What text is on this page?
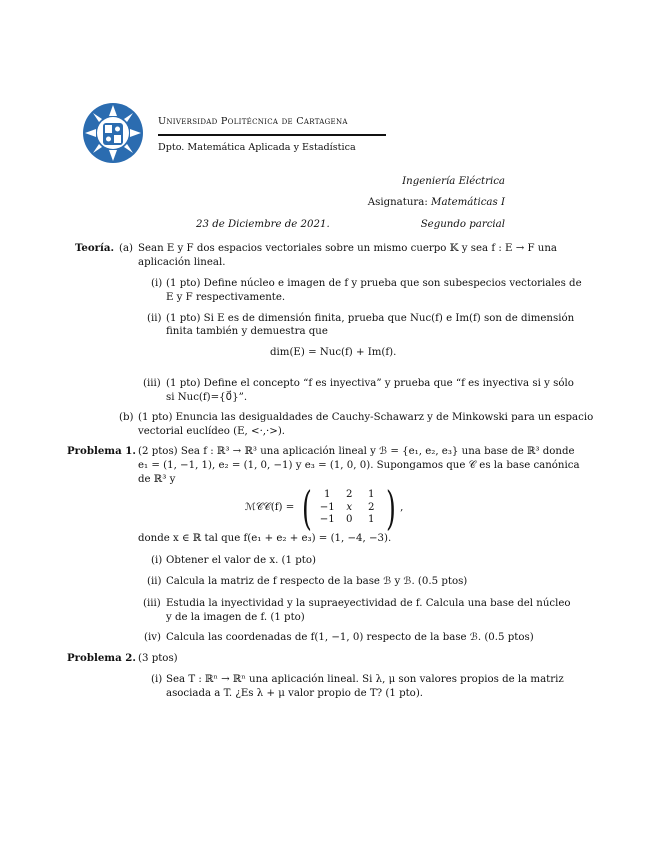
Universidad Politécnica de Cartagena
Dpto. Matemática Aplicada y Estadística
Ingeniería Eléctrica
Asignatura: Matemáticas I
23 de Diciembre de 2021.	Segundo parcial
Teoría. (a) Sean E y F dos espacios vectoriales sobre un mismo cuerpo 𝕂 y sea f : E → F una
aplicación lineal.
(i) (1 pto) Define núcleo e imagen de f y prueba que son subespecios vectoriales de
E y F respectivamente.
(ii) (1 pto) Si E es de dimensión finita, prueba que Nuc(f) e Im(f) son de dimensión
finita también y demuestra que
dim(E) = Nuc(f) + Im(f).
(iii) (1 pto) Define el concepto “f es inyectiva” y prueba que “f es inyectiva si y sólo
si Nuc(f)={0⃗}”.
(b) (1 pto) Enuncia las desigualdades de Cauchy-Schawarz y de Minkowski para un espacio
vectorial euclídeo (E, <·,·>).
Problema 1. (2 ptos) Sea f : ℝ³ → ℝ³ una aplicación lineal y ℬ = {e₁, e₂, e₃} una base de ℝ³ donde
e₁ = (1, −1, 1), e₂ = (1, 0, −1) y e₃ = (1, 0, 0). Supongamos que 𝒞 es la base canónica
de ℝ³ y
ℳ𝒞𝒞(f) = (	1	2	1
−1	x	2
−1	0	1 ) ,
donde x ∈ ℝ tal que f(e₁ + e₂ + e₃) = (1, −4, −3).
(i) Obtener el valor de x. (1 pto)
(ii) Calcula la matriz de f respecto de la base ℬ y ℬ. (0.5 ptos)
(iii) Estudia la inyectividad y la supraeyectividad de f. Calcula una base del núcleo
y de la imagen de f. (1 pto)
(iv) Calcula las coordenadas de f(1, −1, 0) respecto de la base ℬ. (0.5 ptos)
Problema 2. (3 ptos)
(i) Sea T : ℝⁿ → ℝⁿ una aplicación lineal. Si λ, μ son valores propios de la matriz
asociada a T. ¿Es λ + μ valor propio de T? (1 pto).
